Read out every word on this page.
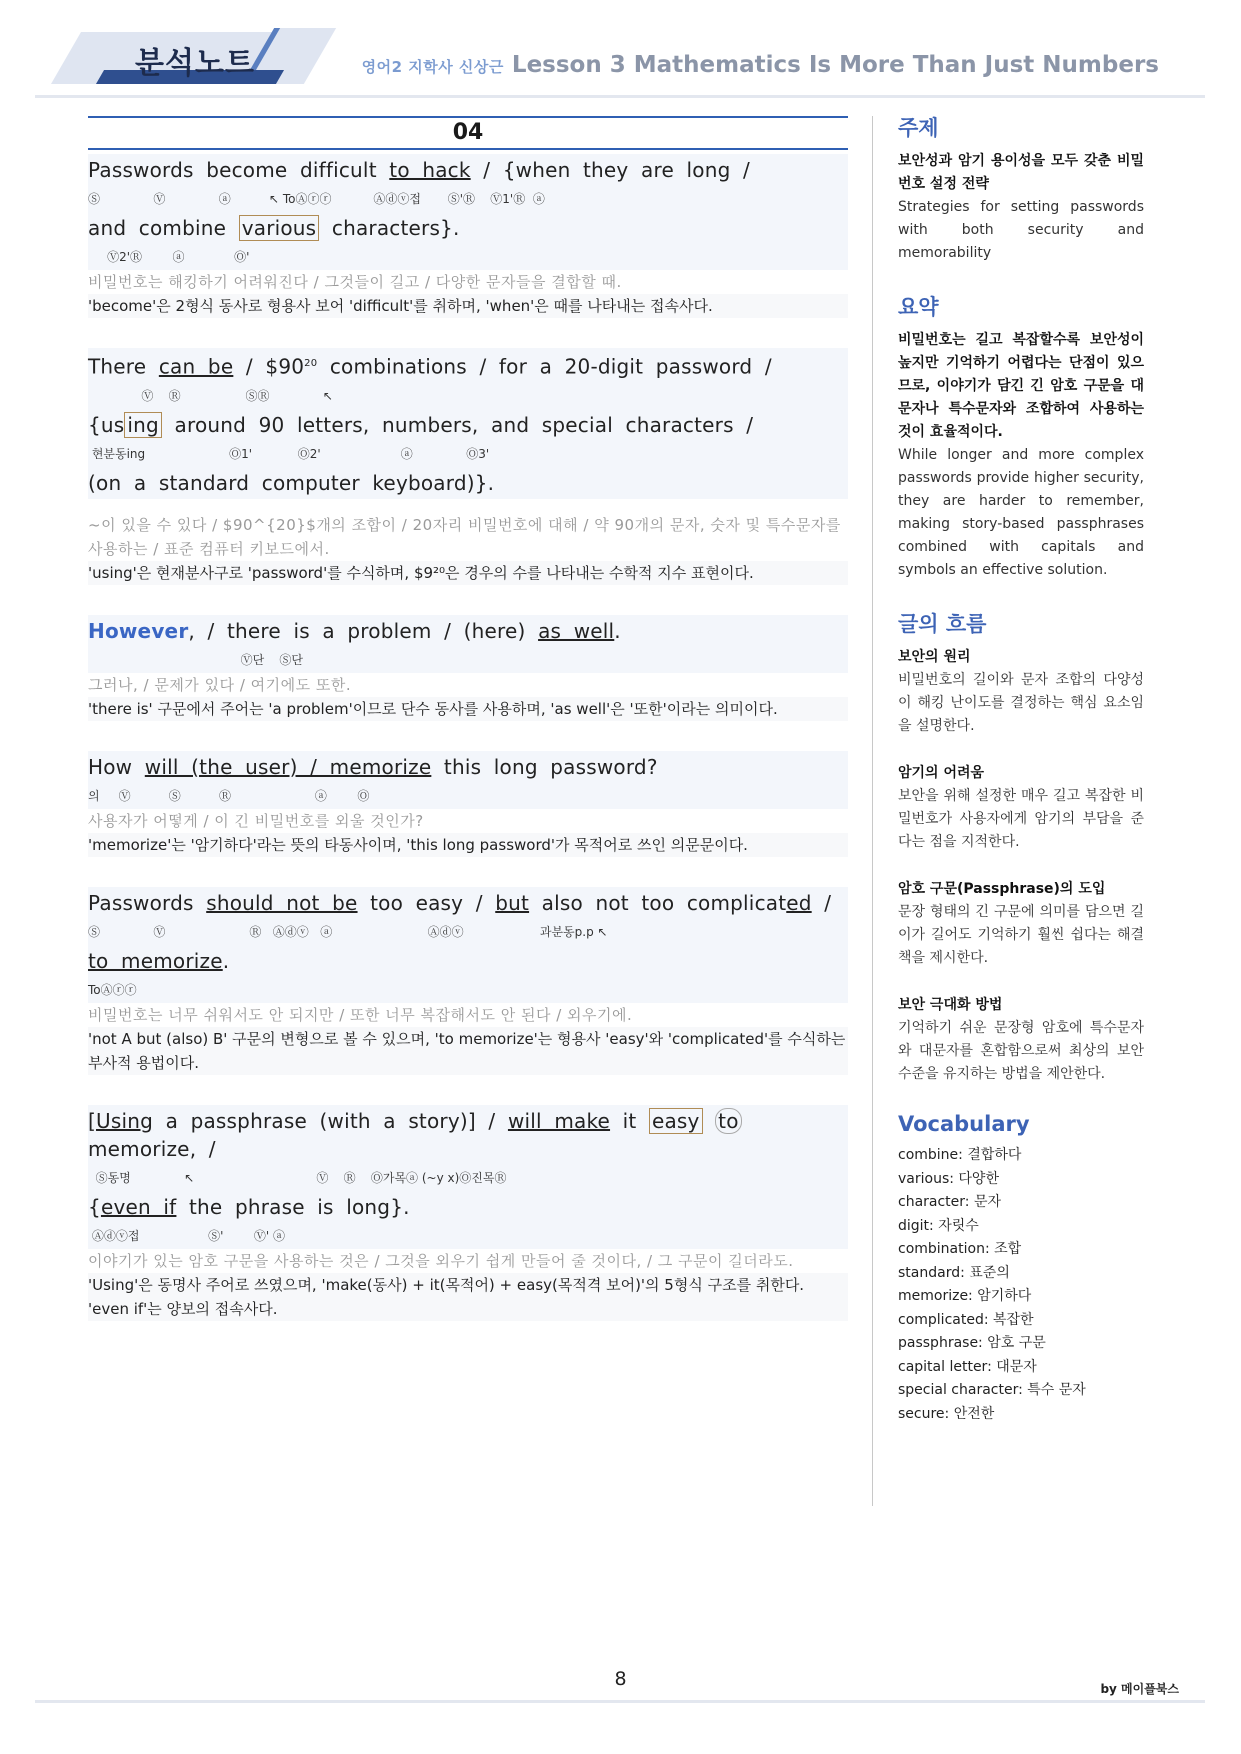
분석노트	영어2 지학사 신상근 Lesson 3 Mathematics Is More Than Just Numbers
04
Passwords become difficult to hack / {when they are long /
Ⓢ              Ⓥ              ⓐ          ↖ ToⒶⓡⓡ           Ⓐⓓⓥ접       Ⓢ'Ⓡ    Ⓥ1'Ⓡ  ⓐ
and combine various characters}.
Ⓥ2'Ⓡ        ⓐ             Ⓞ'
비밀번호는 해킹하기 어려워진다 / 그것들이 길고 / 다양한 문자들을 결합할 때.
'become'은 2형식 동사로 형용사 보어 'difficult'를 취하며, 'when'은 때를 나타내는 접속사다.
There can be / $\$90^{20}$ combinations / for a 20-digit password /
Ⓥ    Ⓡ                 ⓈⓇ              ↖
{us ing around 90 letters, numbers, and special characters /
현분동ing                      Ⓞ1'            Ⓞ2'                     ⓐ              Ⓞ3'
(on a standard computer keyboard)}.
~이 있을 수 있다 / $90^{20}$개의 조합이 / 20자리 비밀번호에 대해 / 약 90개의 문자, 숫자 및 특수문자를 사용하는 / 표준 컴퓨터 키보드에서.
'using'은 현재분사구로 'password'를 수식하며, $9²⁰은 경우의 수를 나타내는 수학적 지수 표현이다.
However, / there is a problem / (here) as well.
Ⓥ단    Ⓢ단
그러나, / 문제가 있다 / 여기에도 또한.
'there is' 구문에서 주어는 'a problem'이므로 단수 동사를 사용하며, 'as well'은 '또한'이라는 의미이다.
How will (the user) / memorize this long password?
의     Ⓥ          Ⓢ          Ⓡ                      ⓐ        Ⓞ
사용자가 어떻게 / 이 긴 비밀번호를 외울 것인가?
'memorize'는 '암기하다'라는 뜻의 타동사이며, 'this long password'가 목적어로 쓰인 의문문이다.
Passwords should not be too easy / but also not too complicated /
Ⓢ              Ⓥ                      Ⓡ   Ⓐⓓⓥ   ⓐ                         Ⓐⓓⓥ                    과분동p.p ↖
to memorize.
ToⒶⓡⓡ
비밀번호는 너무 쉬워서도 안 되지만 / 또한 너무 복잡해서도 안 된다 / 외우기에.
'not A but (also) B' 구문의 변형으로 볼 수 있으며, 'to memorize'는 형용사 'easy'와 'complicated'를 수식하는 부사적 용법이다.
[Using a passphrase (with a story)] / will make it easy to memorize, /
Ⓢ동명              ↖                                Ⓥ    Ⓡ    Ⓞ가목ⓐ (~y x)Ⓞ진목Ⓡ
{even if the phrase is long}.
Ⓐⓓⓥ접                  Ⓢ'        Ⓥ' ⓐ
이야기가 있는 암호 구문을 사용하는 것은 / 그것을 외우기 쉽게 만들어 줄 것이다, / 그 구문이 길더라도.
'Using'은 동명사 주어로 쓰였으며, 'make(동사) + it(목적어) + easy(목적격 보어)'의 5형식 구조를 취한다. 'even if'는 양보의 접속사다.
주제
보안성과 암기 용이성을 모두 갖춘 비밀번호 설정 전략
Strategies for setting passwords with both security and memorability
요약
비밀번호는 길고 복잡할수록 보안성이 높지만 기억하기 어렵다는 단점이 있으므로, 이야기가 담긴 긴 암호 구문을 대문자나 특수문자와 조합하여 사용하는 것이 효율적이다.
While longer and more complex passwords provide higher security, they are harder to remember, making story-based passphrases combined with capitals and symbols an effective solution.
글의 흐름
보안의 원리
비밀번호의 길이와 문자 조합의 다양성이 해킹 난이도를 결정하는 핵심 요소임을 설명한다.
암기의 어려움
보안을 위해 설정한 매우 길고 복잡한 비밀번호가 사용자에게 암기의 부담을 준다는 점을 지적한다.
암호 구문(Passphrase)의 도입
문장 형태의 긴 구문에 의미를 담으면 길이가 길어도 기억하기 훨씬 쉽다는 해결책을 제시한다.
보안 극대화 방법
기억하기 쉬운 문장형 암호에 특수문자와 대문자를 혼합함으로써 최상의 보안 수준을 유지하는 방법을 제안한다.
Vocabulary
combine: 결합하다
various: 다양한
character: 문자
digit: 자릿수
combination: 조합
standard: 표준의
memorize: 암기하다
complicated: 복잡한
passphrase: 암호 구문
capital letter: 대문자
special character: 특수 문자
secure: 안전한
8	by 메이플북스
